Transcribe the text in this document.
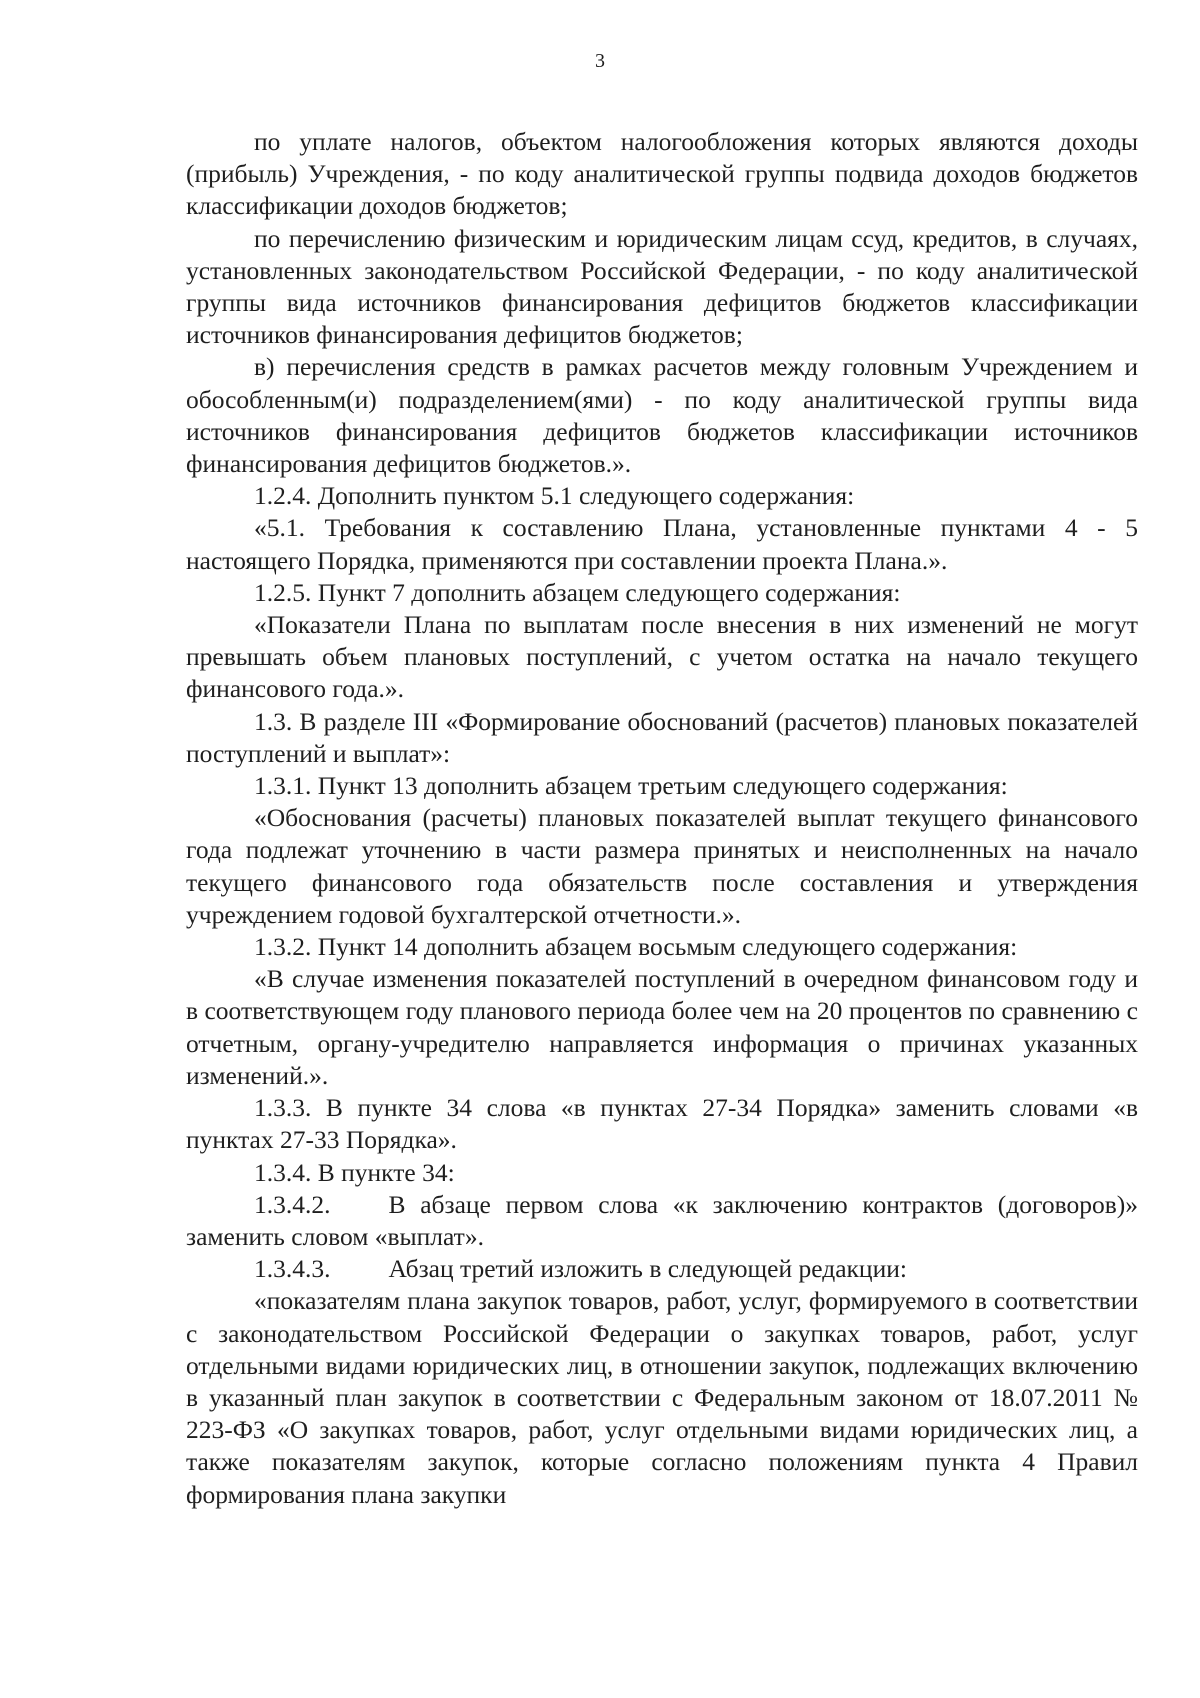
3

по уплате налогов, объектом налогообложения которых являются доходы (прибыль) Учреждения, - по коду аналитической группы подвида доходов бюджетов классификации доходов бюджетов;

по перечислению физическим и юридическим лицам ссуд, кредитов, в случаях, установленных законодательством Российской Федерации, - по коду аналитической группы вида источников финансирования дефицитов бюджетов классификации источников финансирования дефицитов бюджетов;

в) перечисления средств в рамках расчетов между головным Учреждением и обособленным(и) подразделением(ями) - по коду аналитической группы вида источников финансирования дефицитов бюджетов классификации источников финансирования дефицитов бюджетов.».

1.2.4. Дополнить пунктом 5.1 следующего содержания:

«5.1. Требования к составлению Плана, установленные пунктами 4 - 5 настоящего Порядка, применяются при составлении проекта Плана.».

1.2.5. Пункт 7 дополнить абзацем следующего содержания:

«Показатели Плана по выплатам после внесения в них изменений не могут превышать объем плановых поступлений, с учетом остатка на начало текущего финансового года.».

1.3. В разделе III «Формирование обоснований (расчетов) плановых показателей поступлений и выплат»:

1.3.1. Пункт 13 дополнить абзацем третьим следующего содержания:

«Обоснования (расчеты) плановых показателей выплат текущего финансового года подлежат уточнению в части размера принятых и неисполненных на начало текущего финансового года обязательств после составления и утверждения учреждением годовой бухгалтерской отчетности.».

1.3.2. Пункт 14 дополнить абзацем восьмым следующего содержания:

«В случае изменения показателей поступлений в очередном финансовом году и в соответствующем году планового периода более чем на 20 процентов по сравнению с отчетным, органу-учредителю направляется информация о причинах указанных изменений.».

1.3.3. В пункте 34 слова «в пунктах 27-34 Порядка» заменить словами «в пунктах 27-33 Порядка».

1.3.4. В пункте 34:

1.3.4.2. В абзаце первом слова «к заключению контрактов (договоров)» заменить словом «выплат».

1.3.4.3. Абзац третий изложить в следующей редакции:

«показателям плана закупок товаров, работ, услуг, формируемого в соответствии с законодательством Российской Федерации о закупках товаров, работ, услуг отдельными видами юридических лиц, в отношении закупок, подлежащих включению в указанный план закупок в соответствии с Федеральным законом от 18.07.2011 № 223-ФЗ «О закупках товаров, работ, услуг отдельными видами юридических лиц, а также показателям закупок, которые согласно положениям пункта 4 Правил формирования плана закупки
